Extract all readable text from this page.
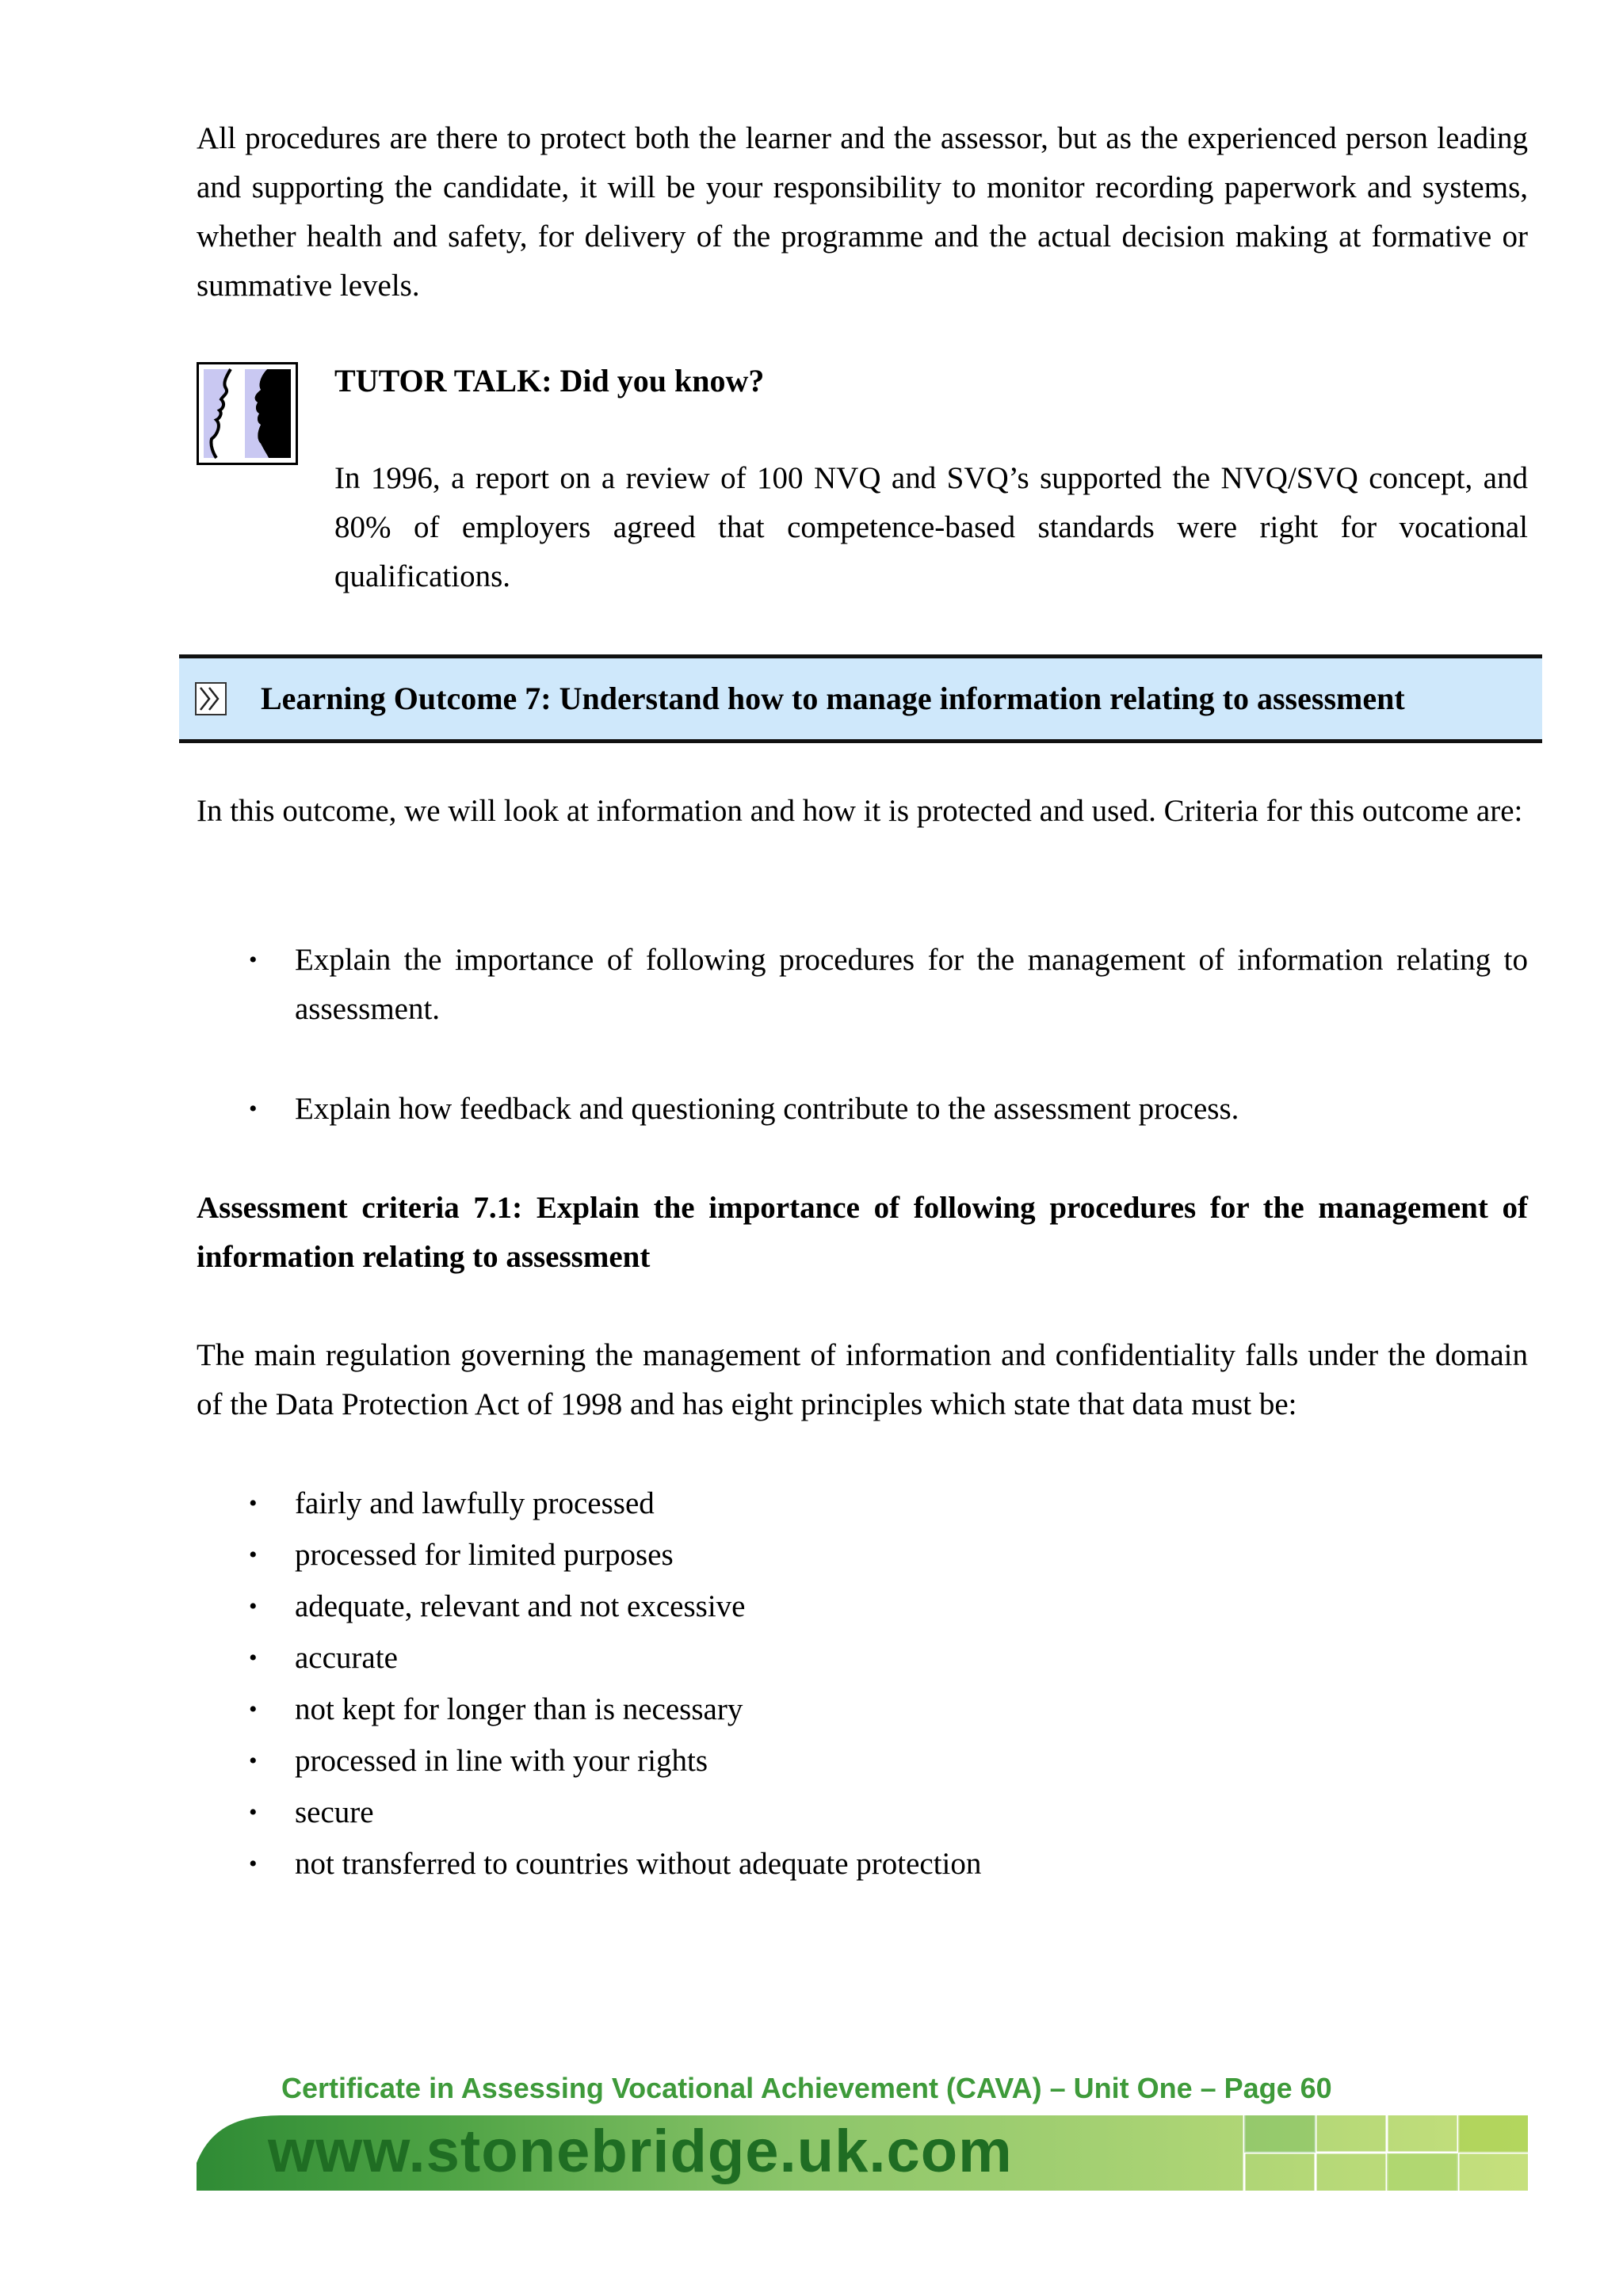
All procedures are there to protect both the learner and the assessor, but as the experienced person leading and supporting the candidate, it will be your responsibility to monitor recording paperwork and systems, whether health and safety, for delivery of the programme and the actual decision making at formative or summative levels.

TUTOR TALK: Did you know?

In 1996, a report on a review of 100 NVQ and SVQ’s supported the NVQ/SVQ concept, and 80% of employers agreed that competence-based standards were right for vocational qualifications.

Learning Outcome 7: Understand how to manage information relating to assessment

In this outcome, we will look at information and how it is protected and used. Criteria for this outcome are:

• Explain the importance of following procedures for the management of information relating to assessment.
• Explain how feedback and questioning contribute to the assessment process.

Assessment criteria 7.1: Explain the importance of following procedures for the management of information relating to assessment

The main regulation governing the management of information and confidentiality falls under the domain of the Data Protection Act of 1998 and has eight principles which state that data must be:

• fairly and lawfully processed
• processed for limited purposes
• adequate, relevant and not excessive
• accurate
• not kept for longer than is necessary
• processed in line with your rights
• secure
• not transferred to countries without adequate protection
Certificate in Assessing Vocational Achievement (CAVA) – Unit One – Page 60
www.stonebridge.uk.com
